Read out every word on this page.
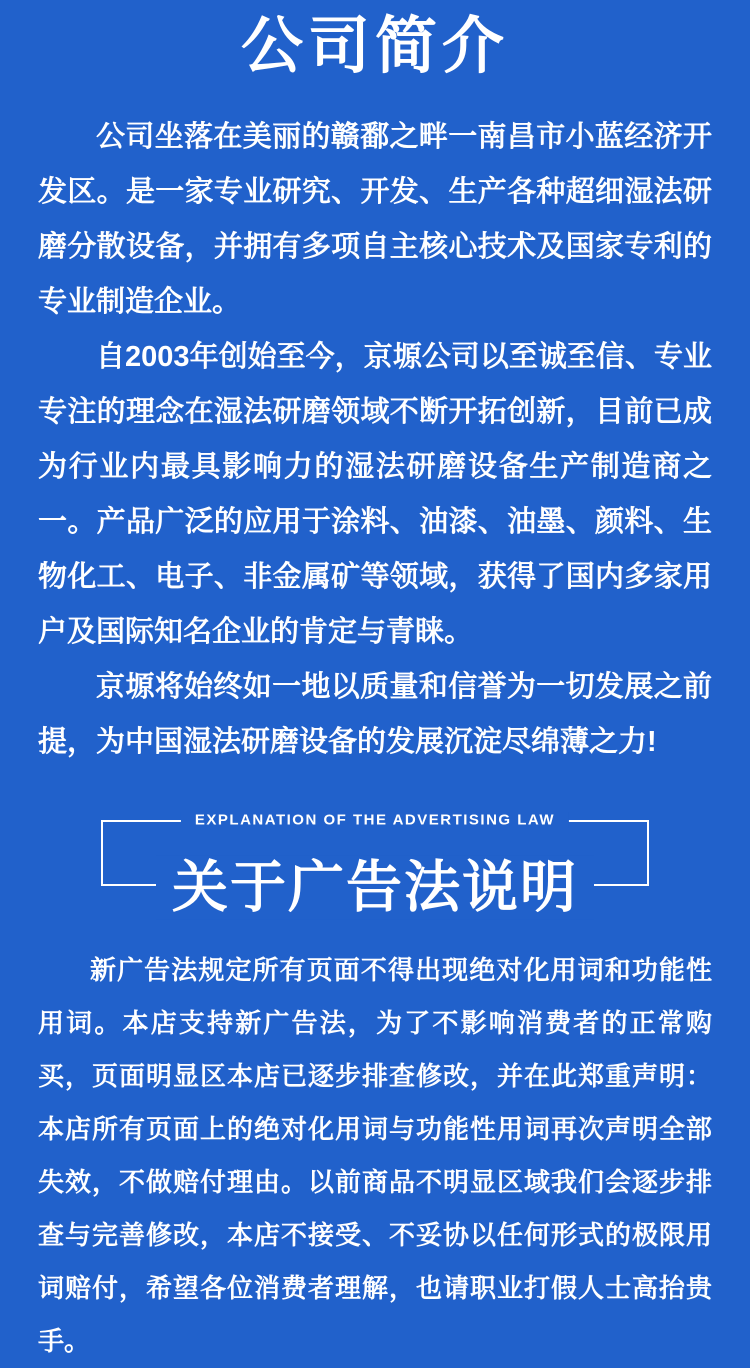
公司简介

公司坐落在美丽的赣鄱之畔一南昌市小蓝经济开发区。是一家专业研究、开发、生产各种超细湿法研磨分散设备，并拥有多项自主核心技术及国家专利的专业制造企业。

自2003年创始至今，京塬公司以至诚至信、专业专注的理念在湿法研磨领域不断开拓创新，目前已成为行业内最具影响力的湿法研磨设备生产制造商之一。产品广泛的应用于涂料、油漆、油墨、颜料、生物化工、电子、非金属矿等领域，获得了国内多家用户及国际知名企业的肯定与青睐。

京塬将始终如一地以质量和信誉为一切发展之前提，为中国湿法研磨设备的发展沉淀尽绵薄之力!

EXPLANATION OF THE ADVERTISING LAW
关于广告法说明

新广告法规定所有页面不得出现绝对化用词和功能性用词。本店支持新广告法，为了不影响消费者的正常购买，页面明显区本店已逐步排查修改，并在此郑重声明：本店所有页面上的绝对化用词与功能性用词再次声明全部失效，不做赔付理由。以前商品不明显区域我们会逐步排查与完善修改，本店不接受、不妥协以任何形式的极限用词赔付，希望各位消费者理解，也请职业打假人士高抬贵手。
